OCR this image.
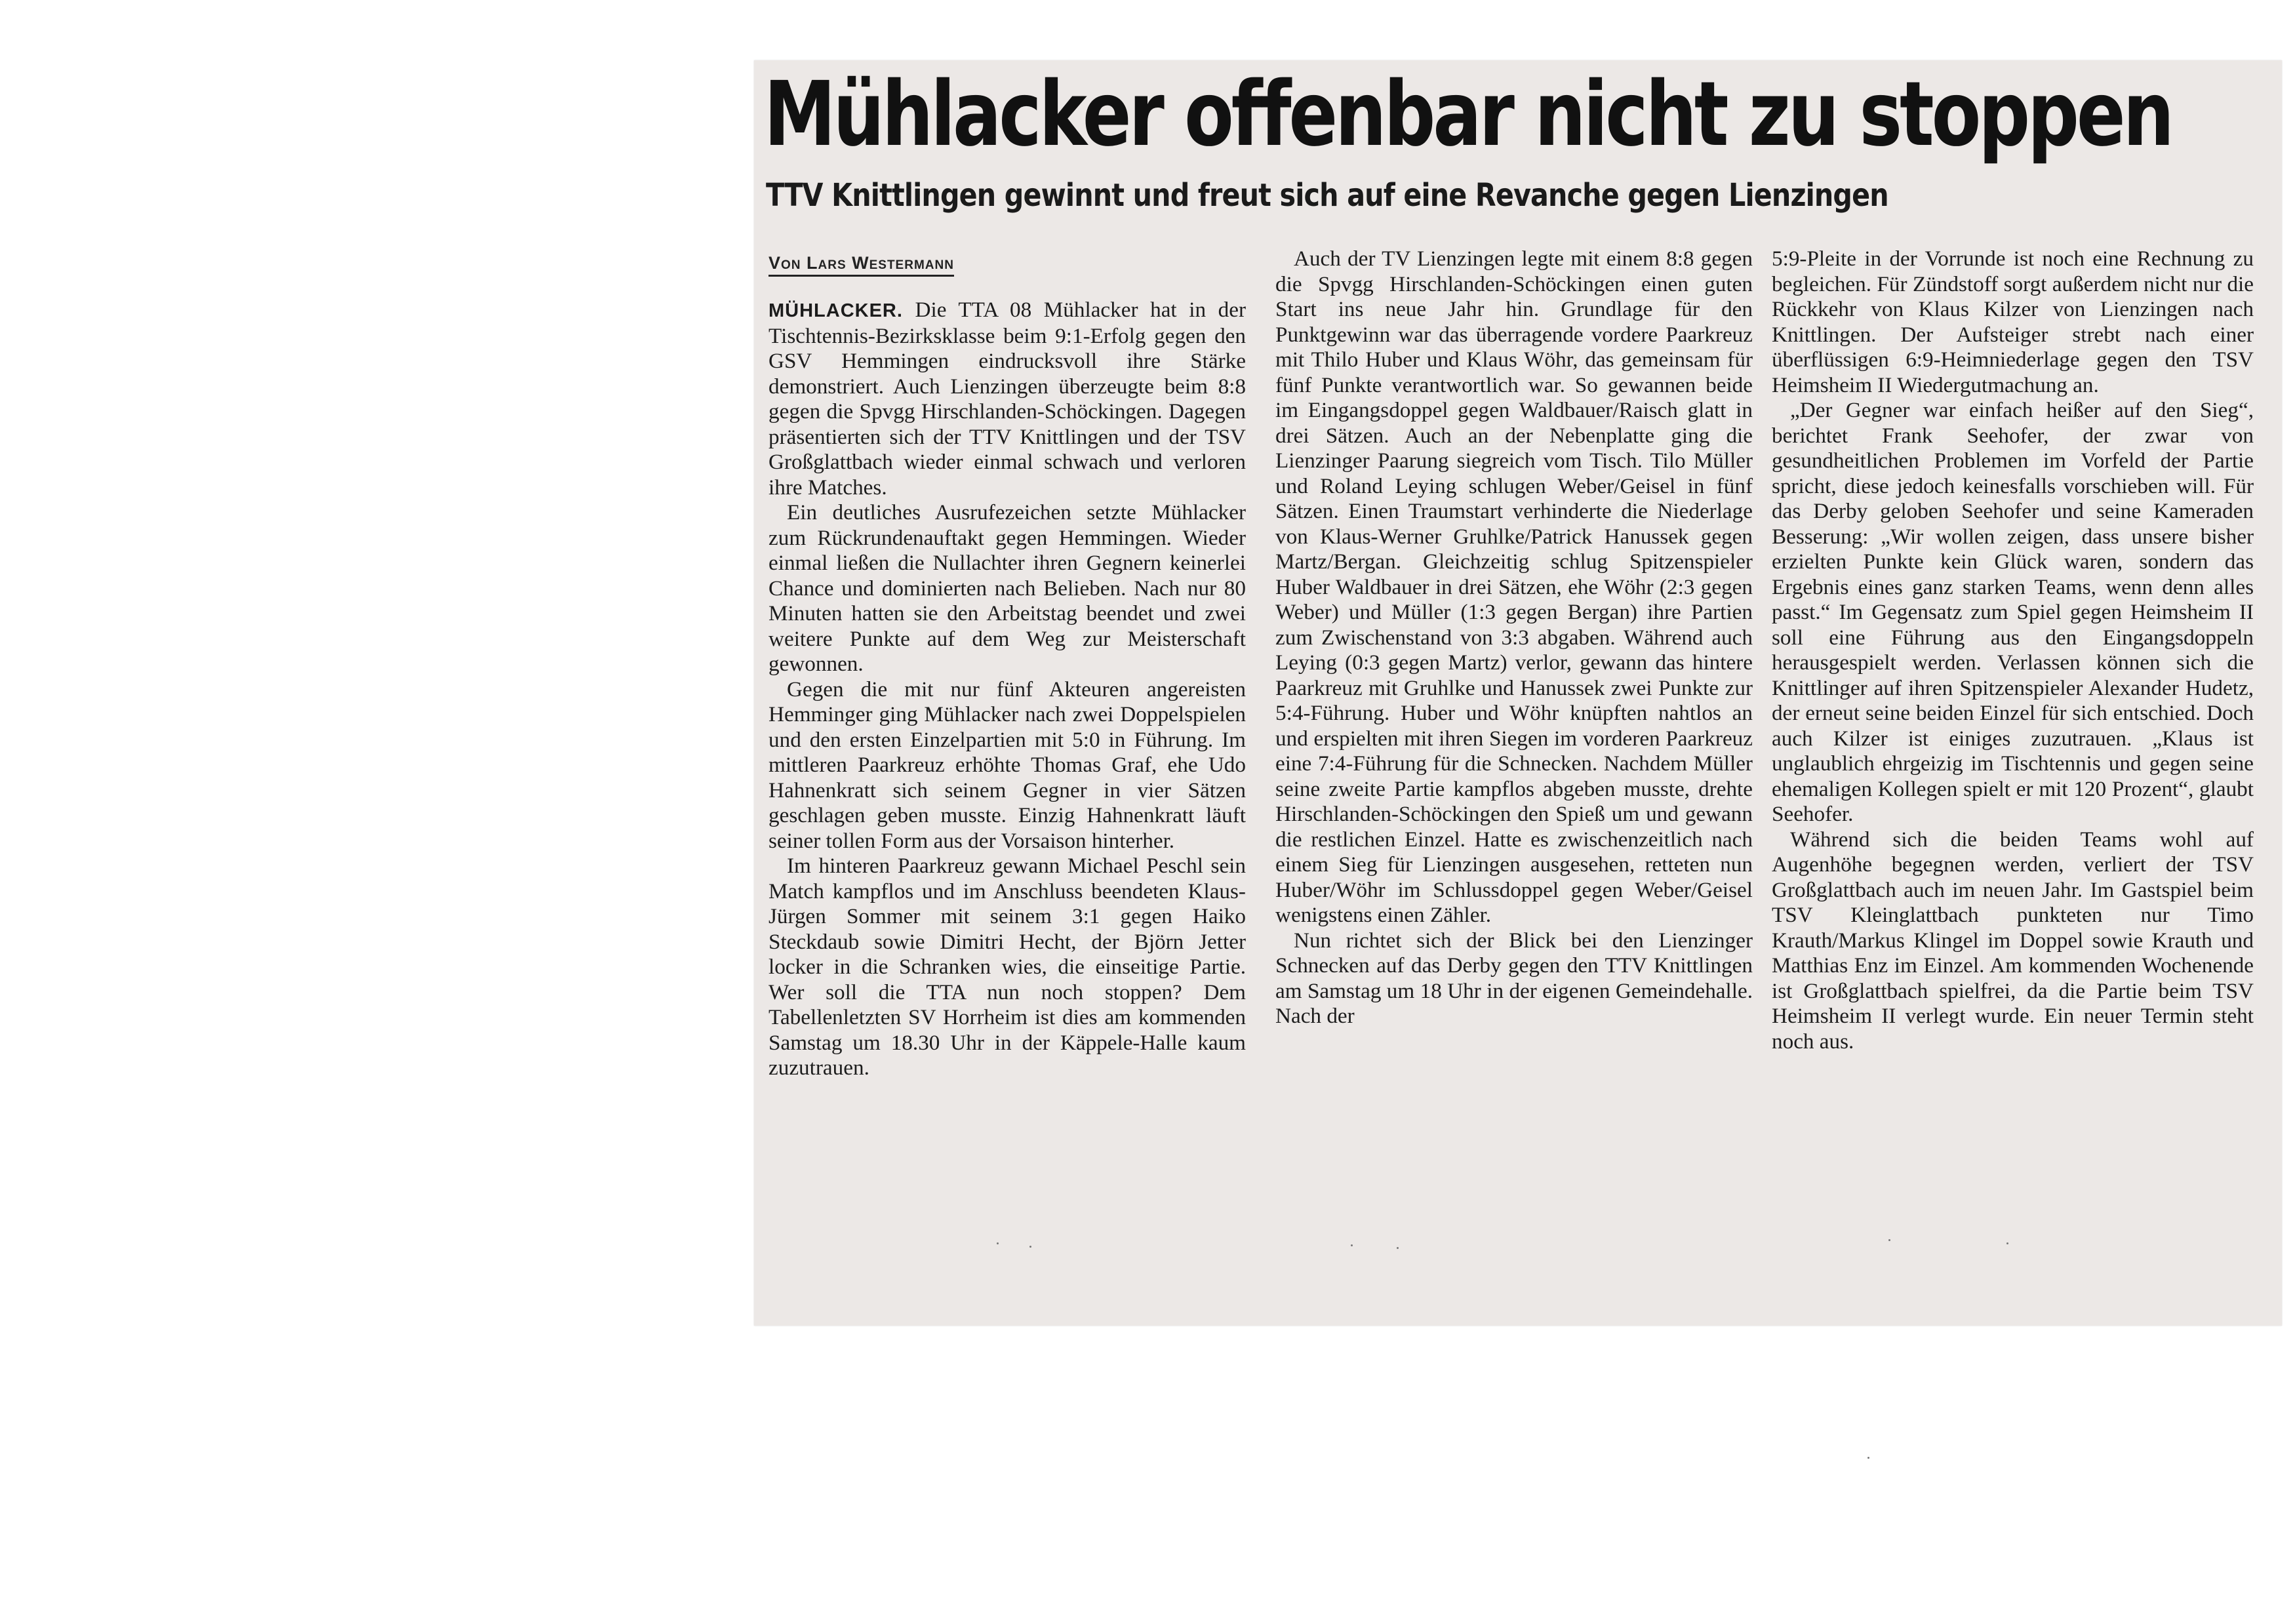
Mühlacker offenbar nicht zu stoppen
TTV Knittlingen gewinnt und freut sich auf eine Revanche gegen Lienzingen
Von Lars Westermann

MÜHLACKER. Die TTA 08 Mühlacker hat in der Tischtennis-Bezirksklasse beim 9:1-Erfolg gegen den GSV Hemmingen eindrucksvoll ihre Stärke demonstriert. Auch Lienzingen überzeugte beim 8:8 gegen die Spvgg Hirschlanden-Schöckingen. Dagegen präsentierten sich der TTV Knittlingen und der TSV Großglattbach wieder einmal schwach und verloren ihre Matches.

Ein deutliches Ausrufezeichen setzte Mühlacker zum Rückrundenauftakt gegen Hemmingen. Wieder einmal ließen die Nullachter ihren Gegnern keinerlei Chance und dominierten nach Belieben. Nach nur 80 Minuten hatten sie den Arbeitstag beendet und zwei weitere Punkte auf dem Weg zur Meisterschaft gewonnen.

Gegen die mit nur fünf Akteuren angereisten Hemminger ging Mühlacker nach zwei Doppelspielen und den ersten Einzelpartien mit 5:0 in Führung. Im mittleren Paarkreuz erhöhte Thomas Graf, ehe Udo Hahnenkratt sich seinem Gegner in vier Sätzen geschlagen geben musste. Einzig Hahnenkratt läuft seiner tollen Form aus der Vorsaison hinterher.

Im hinteren Paarkreuz gewann Michael Peschl sein Match kampflos und im Anschluss beendeten Klaus-Jürgen Sommer mit seinem 3:1 gegen Haiko Steckdaub sowie Dimitri Hecht, der Björn Jetter locker in die Schranken wies, die einseitige Partie. Wer soll die TTA nun noch stoppen? Dem Tabellenletzten SV Horrheim ist dies am kommenden Samstag um 18.30 Uhr in der Käppele-Halle kaum zuzutrauen.

Auch der TV Lienzingen legte mit einem 8:8 gegen die Spvgg Hirschlanden-Schöckingen einen guten Start ins neue Jahr hin. Grundlage für den Punktgewinn war das überragende vordere Paarkreuz mit Thilo Huber und Klaus Wöhr, das gemeinsam für fünf Punkte verantwortlich war. So gewannen beide im Eingangsdoppel gegen Waldbauer/Raisch glatt in drei Sätzen. Auch an der Nebenplatte ging die Lienzinger Paarung siegreich vom Tisch. Tilo Müller und Roland Leying schlugen Weber/Geisel in fünf Sätzen. Einen Traumstart verhinderte die Niederlage von Klaus-Werner Gruhlke/Patrick Hanussek gegen Martz/Bergan. Gleichzeitig schlug Spitzenspieler Huber Waldbauer in drei Sätzen, ehe Wöhr (2:3 gegen Weber) und Müller (1:3 gegen Bergan) ihre Partien zum Zwischenstand von 3:3 abgaben. Während auch Leying (0:3 gegen Martz) verlor, gewann das hintere Paarkreuz mit Gruhlke und Hanussek zwei Punkte zur 5:4-Führung. Huber und Wöhr knüpften nahtlos an und erspielten mit ihren Siegen im vorderen Paarkreuz eine 7:4-Führung für die Schnecken. Nachdem Müller seine zweite Partie kampflos abgeben musste, drehte Hirschlanden-Schöckingen den Spieß um und gewann die restlichen Einzel. Hatte es zwischenzeitlich nach einem Sieg für Lienzingen ausgesehen, retteten nun Huber/Wöhr im Schlussdoppel gegen Weber/Geisel wenigstens einen Zähler.

Nun richtet sich der Blick bei den Lienzinger Schnecken auf das Derby gegen den TTV Knittlingen am Samstag um 18 Uhr in der eigenen Gemeindehalle. Nach der

5:9-Pleite in der Vorrunde ist noch eine Rechnung zu begleichen. Für Zündstoff sorgt außerdem nicht nur die Rückkehr von Klaus Kilzer von Lienzingen nach Knittlingen. Der Aufsteiger strebt nach einer überflüssigen 6:9-Heimniederlage gegen den TSV Heimsheim II Wiedergutmachung an.

„Der Gegner war einfach heißer auf den Sieg“, berichtet Frank Seehofer, der zwar von gesundheitlichen Problemen im Vorfeld der Partie spricht, diese jedoch keinesfalls vorschieben will. Für das Derby geloben Seehofer und seine Kameraden Besserung: „Wir wollen zeigen, dass unsere bisher erzielten Punkte kein Glück waren, sondern das Ergebnis eines ganz starken Teams, wenn denn alles passt.“ Im Gegensatz zum Spiel gegen Heimsheim II soll eine Führung aus den Eingangsdoppeln herausgespielt werden. Verlassen können sich die Knittlinger auf ihren Spitzenspieler Alexander Hudetz, der erneut seine beiden Einzel für sich entschied. Doch auch Kilzer ist einiges zuzutrauen. „Klaus ist unglaublich ehrgeizig im Tischtennis und gegen seine ehemaligen Kollegen spielt er mit 120 Prozent“, glaubt Seehofer.

Während sich die beiden Teams wohl auf Augenhöhe begegnen werden, verliert der TSV Großglattbach auch im neuen Jahr. Im Gastspiel beim TSV Kleinglattbach punkteten nur Timo Krauth/Markus Klingel im Doppel sowie Krauth und Matthias Enz im Einzel. Am kommenden Wochenende ist Großglattbach spielfrei, da die Partie beim TSV Heimsheim II verlegt wurde. Ein neuer Termin steht noch aus.
